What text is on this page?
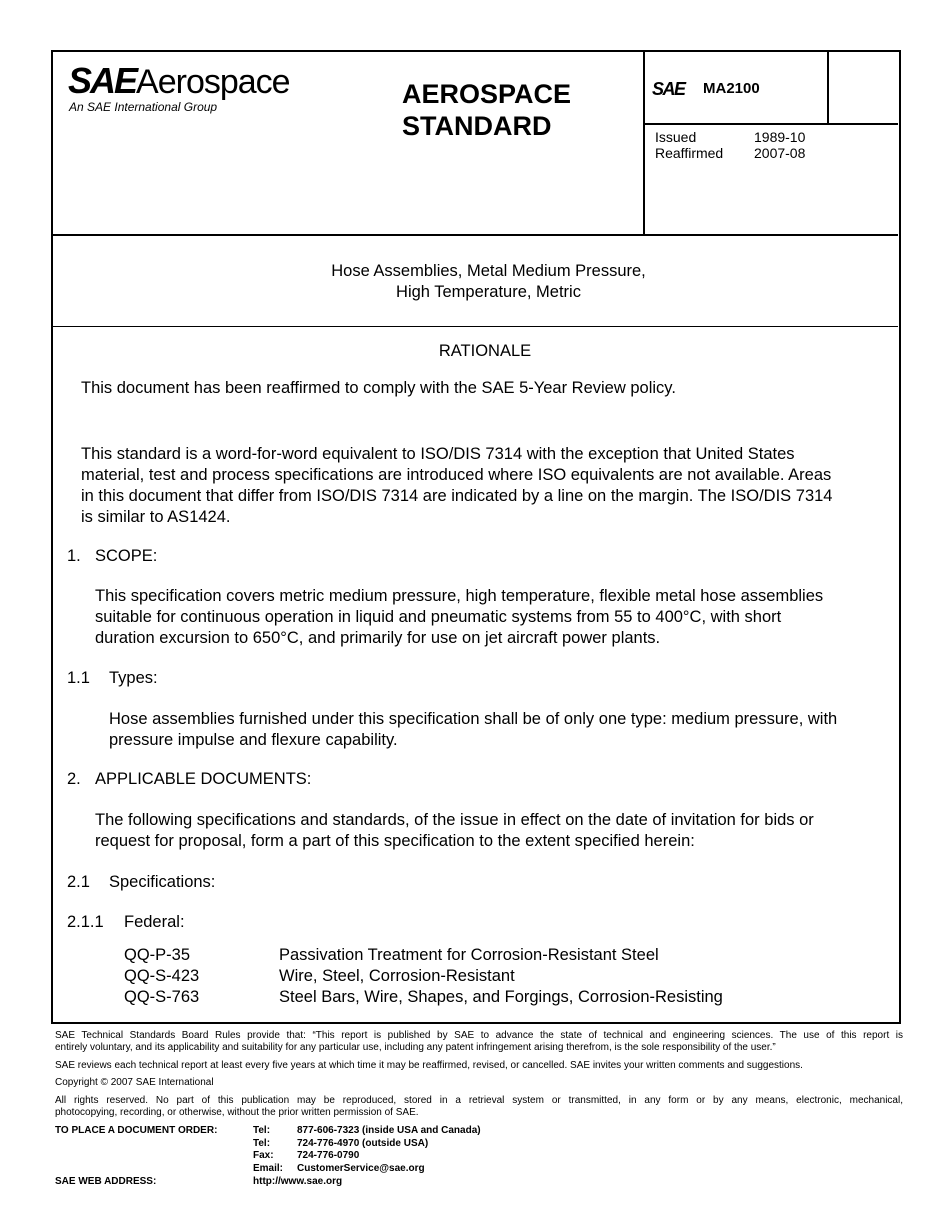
SAEAerospace
An SAE International Group	AEROSPACE
STANDARD
SAE MA2100
Issued	1989-10
Reaffirmed 2007-08
Hose Assemblies, Metal Medium Pressure,
High Temperature, Metric
RATIONALE
This document has been reaffirmed to comply with the SAE 5-Year Review policy.
This standard is a word-for-word equivalent to ISO/DIS 7314 with the exception that United States
material, test and process specifications are introduced where ISO equivalents are not available. Areas
in this document that differ from ISO/DIS 7314 are indicated by a line on the margin. The ISO/DIS 7314
is similar to AS1424.
1. SCOPE:
This specification covers metric medium pressure, high temperature, flexible metal hose assemblies
suitable for continuous operation in liquid and pneumatic systems from 55 to 400°C, with short
duration excursion to 650°C, and primarily for use on jet aircraft power plants.
1.1 Types:
Hose assemblies furnished under this specification shall be of only one type: medium pressure, with
pressure impulse and flexure capability.
2. APPLICABLE DOCUMENTS:
The following specifications and standards, of the issue in effect on the date of invitation for bids or
request for proposal, form a part of this specification to the extent specified herein:
2.1 Specifications:
2.1.1 Federal:
QQ-P-35	Passivation Treatment for Corrosion-Resistant Steel
QQ-S-423	Wire, Steel, Corrosion-Resistant
QQ-S-763	Steel Bars, Wire, Shapes, and Forgings, Corrosion-Resisting
SAE Technical Standards Board Rules provide that: “This report is published by SAE to advance the state of technical and engineering sciences. The use of this report is
entirely voluntary, and its applicability and suitability for any particular use, including any patent infringement arising therefrom, is the sole responsibility of the user.”
SAE reviews each technical report at least every five years at which time it may be reaffirmed, revised, or cancelled. SAE invites your written comments and suggestions.
Copyright © 2007 SAE International
All rights reserved. No part of this publication may be reproduced, stored in a retrieval system or transmitted, in any form or by any means, electronic, mechanical,
photocopying, recording, or otherwise, without the prior written permission of SAE.
TO PLACE A DOCUMENT ORDER:	Tel:	877-606-7323 (inside USA and Canada)
Tel:	724-776-4970 (outside USA)
Fax:	724-776-0790
Email:	CustomerService@sae.org
SAE WEB ADDRESS:	http://www.sae.org
